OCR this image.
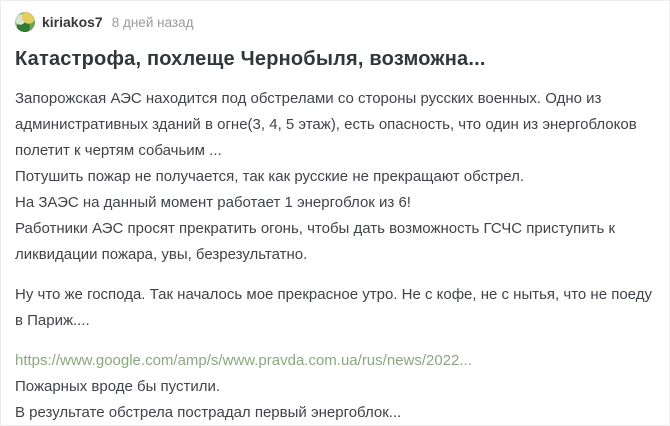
kiriakos7 8 дней назад
Катастрофа, похлеще Чернобыля, возможна...
Запорожская АЭС находится под обстрелами со стороны русских военных. Одно из административных зданий в огне(3, 4, 5 этаж), есть опасность, что один из энергоблоков полетит к чертям собачьим ...
Потушить пожар не получается, так как русские не прекращают обстрел.
На ЗАЭС на данный момент работает 1 энергоблок из 6!
Работники АЭС просят прекратить огонь, чтобы дать возможность ГСЧС приступить к ликвидации пожара, увы, безрезультатно.
Ну что же господа. Так началось мое прекрасное утро. Не с кофе, не с нытья, что не поеду в Париж....
https://www.google.com/amp/s/www.pravda.com.ua/rus/news/2022...
Пожарных вроде бы пустили.
В результате обстрела пострадал первый энергоблок...
